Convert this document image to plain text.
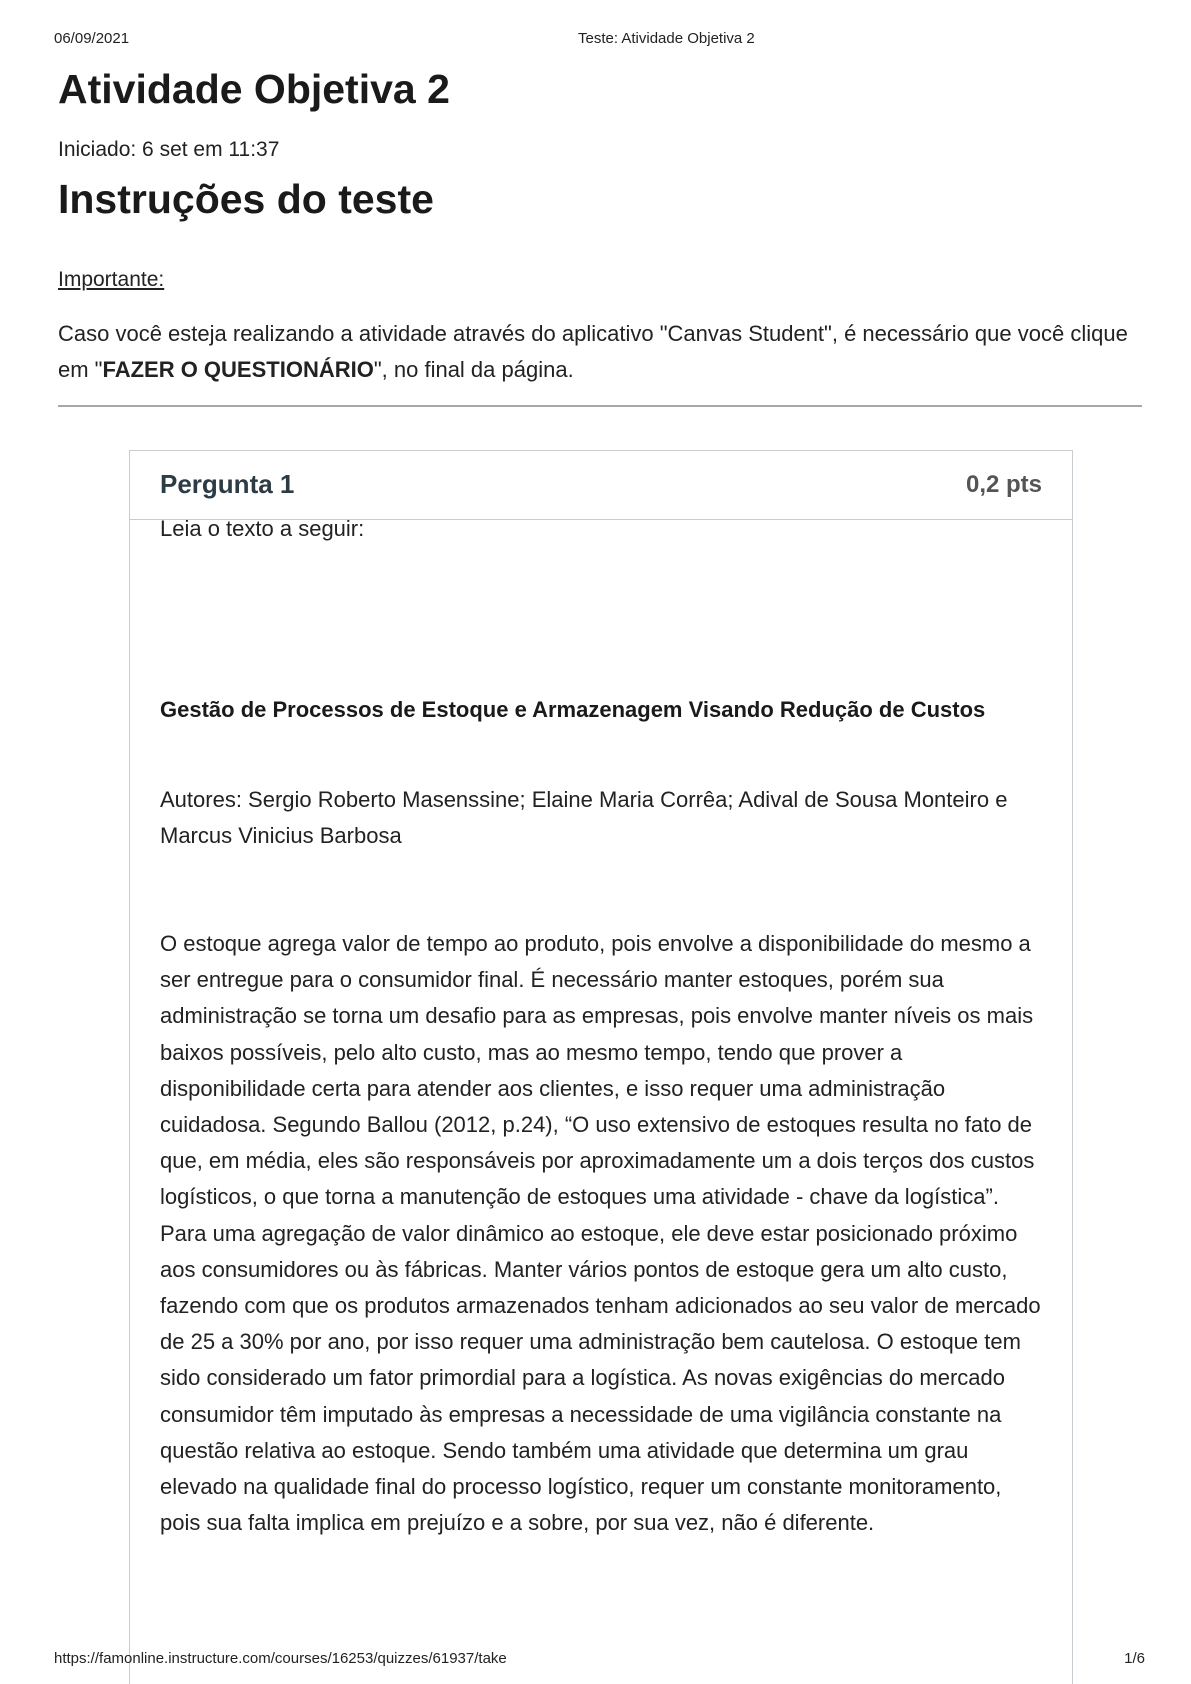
06/09/2021	Teste: Atividade Objetiva 2
Atividade Objetiva 2
Iniciado: 6 set em 11:37
Instruções do teste
Importante:

Caso você esteja realizando a atividade através do aplicativo "Canvas Student", é necessário que você clique em "FAZER O QUESTIONÁRIO", no final da página.

Pergunta 1	0,2 pts
Leia o texto a seguir:

Gestão de Processos de Estoque e Armazenagem Visando Redução de Custos

Autores: Sergio Roberto Masenssine; Elaine Maria Corrêa; Adival de Sousa Monteiro e Marcus Vinicius Barbosa

O estoque agrega valor de tempo ao produto, pois envolve a disponibilidade do mesmo a ser entregue para o consumidor final. É necessário manter estoques, porém sua administração se torna um desafio para as empresas, pois envolve manter níveis os mais baixos possíveis, pelo alto custo, mas ao mesmo tempo, tendo que prover a disponibilidade certa para atender aos clientes, e isso requer uma administração cuidadosa. Segundo Ballou (2012, p.24), “O uso extensivo de estoques resulta no fato de que, em média, eles são responsáveis por aproximadamente um a dois terços dos custos logísticos, o que torna a manutenção de estoques uma atividade - chave da logística”. Para uma agregação de valor dinâmico ao estoque, ele deve estar posicionado próximo aos consumidores ou às fábricas. Manter vários pontos de estoque gera um alto custo, fazendo com que os produtos armazenados tenham adicionados ao seu valor de mercado de 25 a 30% por ano, por isso requer uma administração bem cautelosa. O estoque tem sido considerado um fator primordial para a logística. As novas exigências do mercado consumidor têm imputado às empresas a necessidade de uma vigilância constante na questão relativa ao estoque. Sendo também uma atividade que determina um grau elevado na qualidade final do processo logístico, requer um constante monitoramento, pois sua falta implica em prejuízo e a sobre, por sua vez, não é diferente.

https://famonline.instructure.com/courses/16253/quizzes/61937/take	1/6
